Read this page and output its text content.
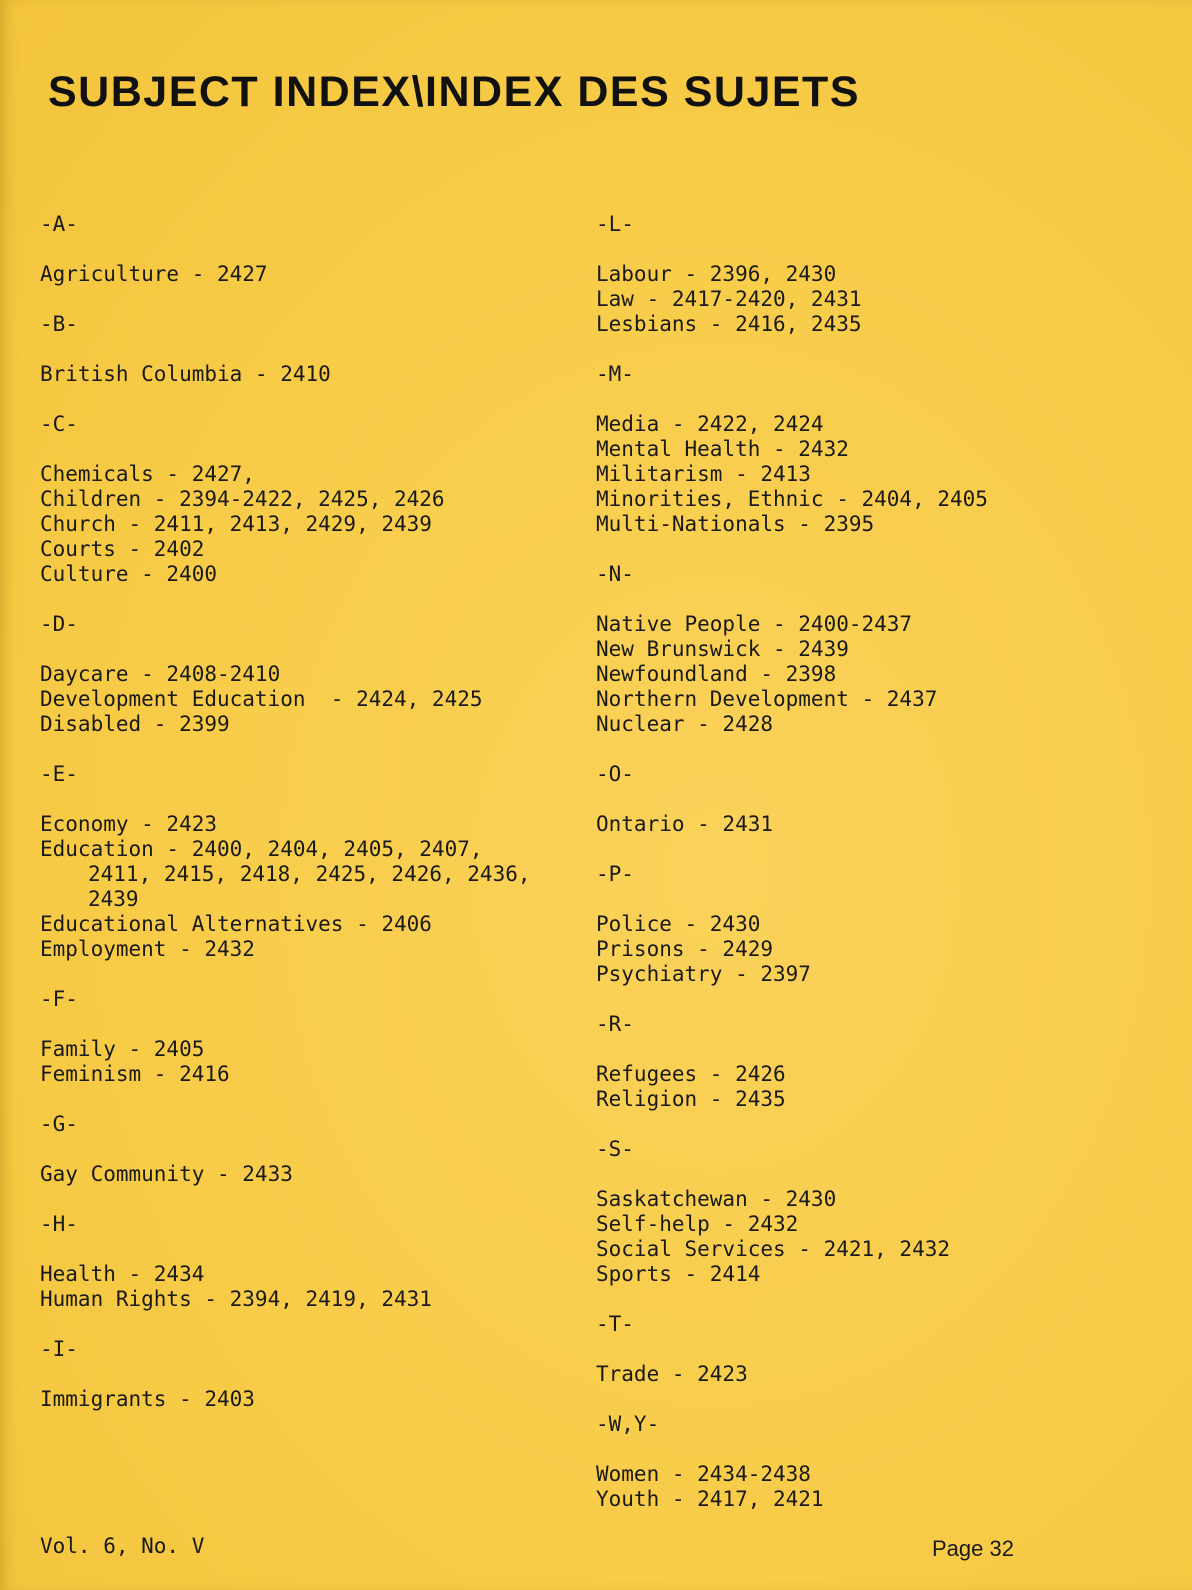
SUBJECT INDEX\INDEX DES SUJETS
-A-
Agriculture - 2427
-B-
British Columbia - 2410
-C-
Chemicals - 2427,
Children - 2394-2422, 2425, 2426
Church - 2411, 2413, 2429, 2439
Courts - 2402
Culture - 2400
-D-
Daycare - 2408-2410
Development Education  - 2424, 2425
Disabled - 2399
-E-
Economy - 2423
Education - 2400, 2404, 2405, 2407,
2411, 2415, 2418, 2425, 2426, 2436,
2439
Educational Alternatives - 2406
Employment - 2432
-F-
Family - 2405
Feminism - 2416
-G-
Gay Community - 2433
-H-
Health - 2434
Human Rights - 2394, 2419, 2431
-I-
Immigrants - 2403
-L-
Labour - 2396, 2430
Law - 2417-2420, 2431
Lesbians - 2416, 2435
-M-
Media - 2422, 2424
Mental Health - 2432
Militarism - 2413
Minorities, Ethnic - 2404, 2405
Multi-Nationals - 2395
-N-
Native People - 2400-2437
New Brunswick - 2439
Newfoundland - 2398
Northern Development - 2437
Nuclear - 2428
-O-
Ontario - 2431
-P-
Police - 2430
Prisons - 2429
Psychiatry - 2397
-R-
Refugees - 2426
Religion - 2435
-S-
Saskatchewan - 2430
Self-help - 2432
Social Services - 2421, 2432
Sports - 2414
-T-
Trade - 2423
-W,Y-
Women - 2434-2438
Youth - 2417, 2421
Vol. 6, No. V	Page 32
